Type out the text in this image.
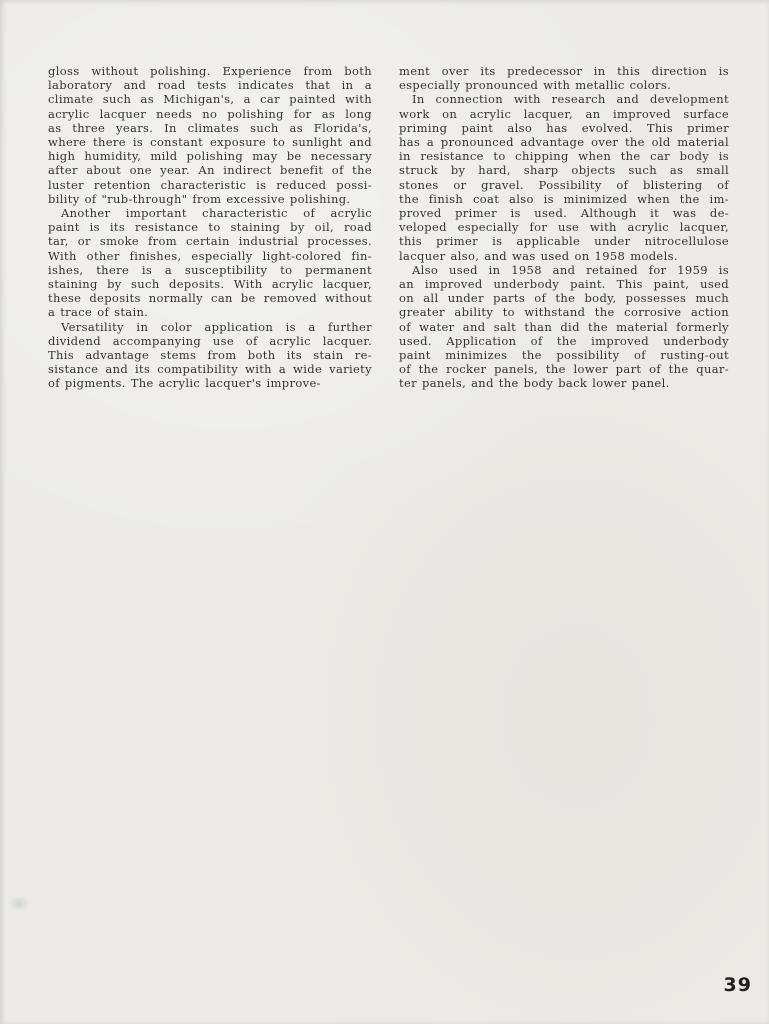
gloss without polishing. Experience from both
laboratory and road tests indicates that in a
climate such as Michigan's, a car painted with
acrylic lacquer needs no polishing for as long
as three years. In climates such as Florida's,
where there is constant exposure to sunlight and
high humidity, mild polishing may be necessary
after about one year. An indirect benefit of the
luster retention characteristic is reduced possi-
bility of "rub-through" from excessive polishing.
Another important characteristic of acrylic
paint is its resistance to staining by oil, road
tar, or smoke from certain industrial processes.
With other finishes, especially light-colored fin-
ishes, there is a susceptibility to permanent
staining by such deposits. With acrylic lacquer,
these deposits normally can be removed without
a trace of stain.
Versatility in color application is a further
dividend accompanying use of acrylic lacquer.
This advantage stems from both its stain re-
sistance and its compatibility with a wide variety
of pigments. The acrylic lacquer's improve-
ment over its predecessor in this direction is
especially pronounced with metallic colors.
In connection with research and development
work on acrylic lacquer, an improved surface
priming paint also has evolved. This primer
has a pronounced advantage over the old material
in resistance to chipping when the car body is
struck by hard, sharp objects such as small
stones or gravel. Possibility of blistering of
the finish coat also is minimized when the im-
proved primer is used. Although it was de-
veloped especially for use with acrylic lacquer,
this primer is applicable under nitrocellulose
lacquer also, and was used on 1958 models.
Also used in 1958 and retained for 1959 is
an improved underbody paint. This paint, used
on all under parts of the body, possesses much
greater ability to withstand the corrosive action
of water and salt than did the material formerly
used. Application of the improved underbody
paint minimizes the possibility of rusting-out
of the rocker panels, the lower part of the quar-
ter panels, and the body back lower panel.
39
